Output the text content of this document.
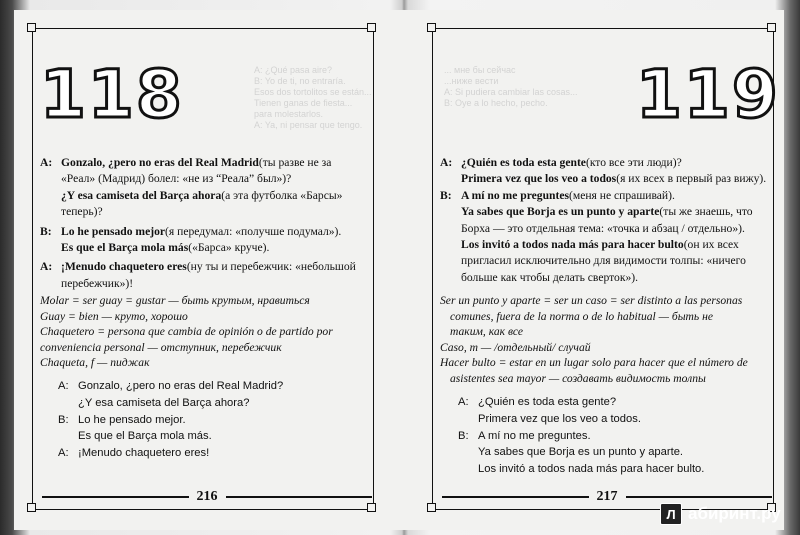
A: ¿Qué pasa aire?
B: Yo de ti, no entraría.
Esos dos tortolitos se están...
Tienen ganas de fiesta...
para molestarlos.
A: Ya, ni pensar que tengo.
118
A: Gonzalo, ¿pero no eras del Real Madrid (ты разве не за
«Реал» (Мадрид) болел: «не из “Реала” был»)?
¿Y esa camiseta del Barça ahora (а эта футболка «Барсы»
теперь)?
B: Lo he pensado mejor (я передумал: «получше подумал»).
Es que el Barça mola más («Барса» круче).
A: ¡Menudo chaquetero eres (ну ты и перебежчик: «небольшой
перебежчик»)!
Molar = ser guay = gustar — быть крутым, нравиться
Guay = bien — круто, хорошо
Chaquetero = persona que cambia de opinión o de partido por
conveniencia personal — отступник, перебежчик
Chaqueta, f — пиджак
A: Gonzalo, ¿pero no eras del Real Madrid?
¿Y esa camiseta del Barça ahora?
B: Lo he pensado mejor.
Es que el Barça mola más.
A: ¡Menudo chaquetero eres!
216
... мне бы сейчас
...ниже вести
A: Si pudiera cambiar las cosas...
B: Oye a lo hecho, pecho.	119
A: ¿Quién es toda esta gente (кто все эти люди)?
Primera vez que los veo a todos (я их всех в первый раз вижу).
B: A mí no me preguntes (меня не спрашивай).
Ya sabes que Borja es un punto y aparte (ты же знаешь, что
Борха — это отдельная тема: «точка и абзац / отдельно»).
Los invitó a todos nada más para hacer bulto (он их всех
пригласил исключительно для видимости толпы: «ничего
больше как чтобы делать сверток»).
Ser un punto y aparte = ser un caso = ser distinto a las personas
comunes, fuera de la norma o de lo habitual — быть не
таким, как все
Caso, m — /отдельный/ случай
Hacer bulto = estar en un lugar solo para hacer que el número de
asistentes sea mayor — создавать видимость толпы
A: ¿Quién es toda esta gente?
Primera vez que los veo a todos.
B: A mí no me preguntes.
Ya sabes que Borja es un punto y aparte.
Los invitó a todos nada más para hacer bulto.
217
Л абиринт.ру
